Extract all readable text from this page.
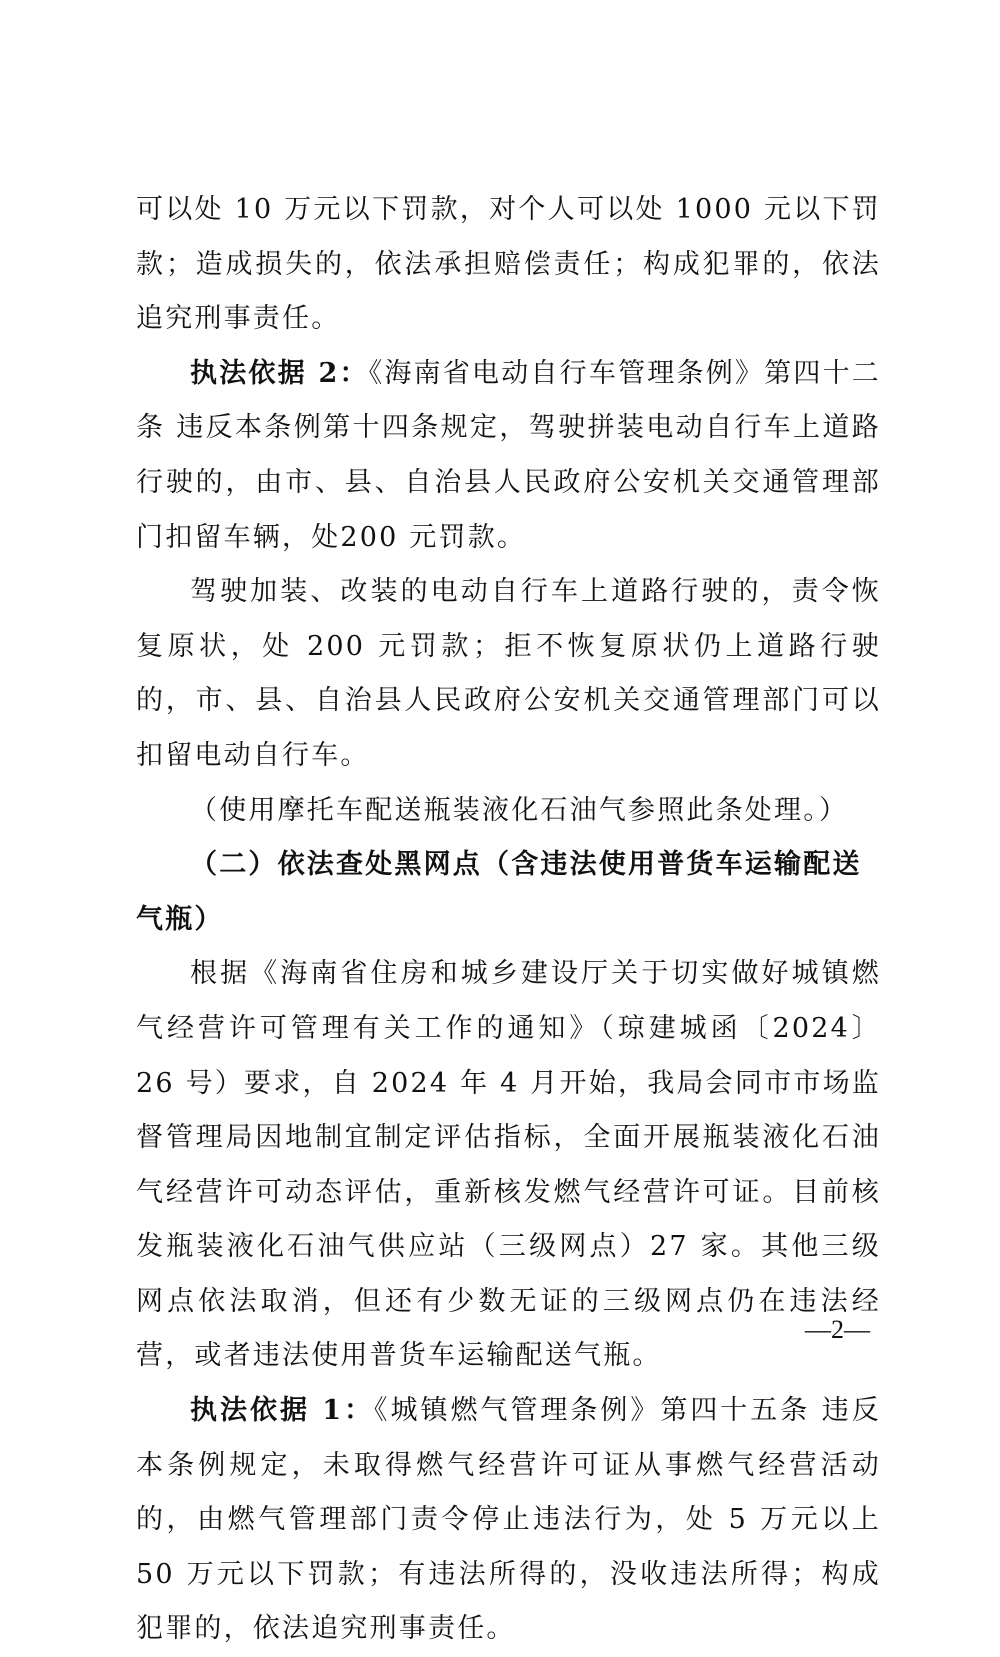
可以处 10 万元以下罚款，对个人可以处 1000 元以下罚款；造成损失的，依法承担赔偿责任；构成犯罪的，依法追究刑事责任。

执法依据 2：《海南省电动自行车管理条例》第四十二条 违反本条例第十四条规定，驾驶拼装电动自行车上道路行驶的，由市、县、自治县人民政府公安机关交通管理部门扣留车辆，处200 元罚款。

驾驶加装、改装的电动自行车上道路行驶的，责令恢复原状，处 200 元罚款；拒不恢复原状仍上道路行驶的，市、县、自治县人民政府公安机关交通管理部门可以扣留电动自行车。

（使用摩托车配送瓶装液化石油气参照此条处理。）

（二）依法查处黑网点（含违法使用普货车运输配送气瓶）

根据《海南省住房和城乡建设厅关于切实做好城镇燃气经营许可管理有关工作的通知》（琼建城函〔2024〕26 号）要求，自 2024 年 4 月开始，我局会同市市场监督管理局因地制宜制定评估指标，全面开展瓶装液化石油气经营许可动态评估，重新核发燃气经营许可证。目前核发瓶装液化石油气供应站（三级网点）27 家。其他三级网点依法取消，但还有少数无证的三级网点仍在违法经营，或者违法使用普货车运输配送气瓶。

执法依据 1：《城镇燃气管理条例》第四十五条 违反本条例规定，未取得燃气经营许可证从事燃气经营活动的，由燃气管理部门责令停止违法行为，处 5 万元以上 50 万元以下罚款；有违法所得的，没收违法所得；构成犯罪的，依法追究刑事责任。

—2—
